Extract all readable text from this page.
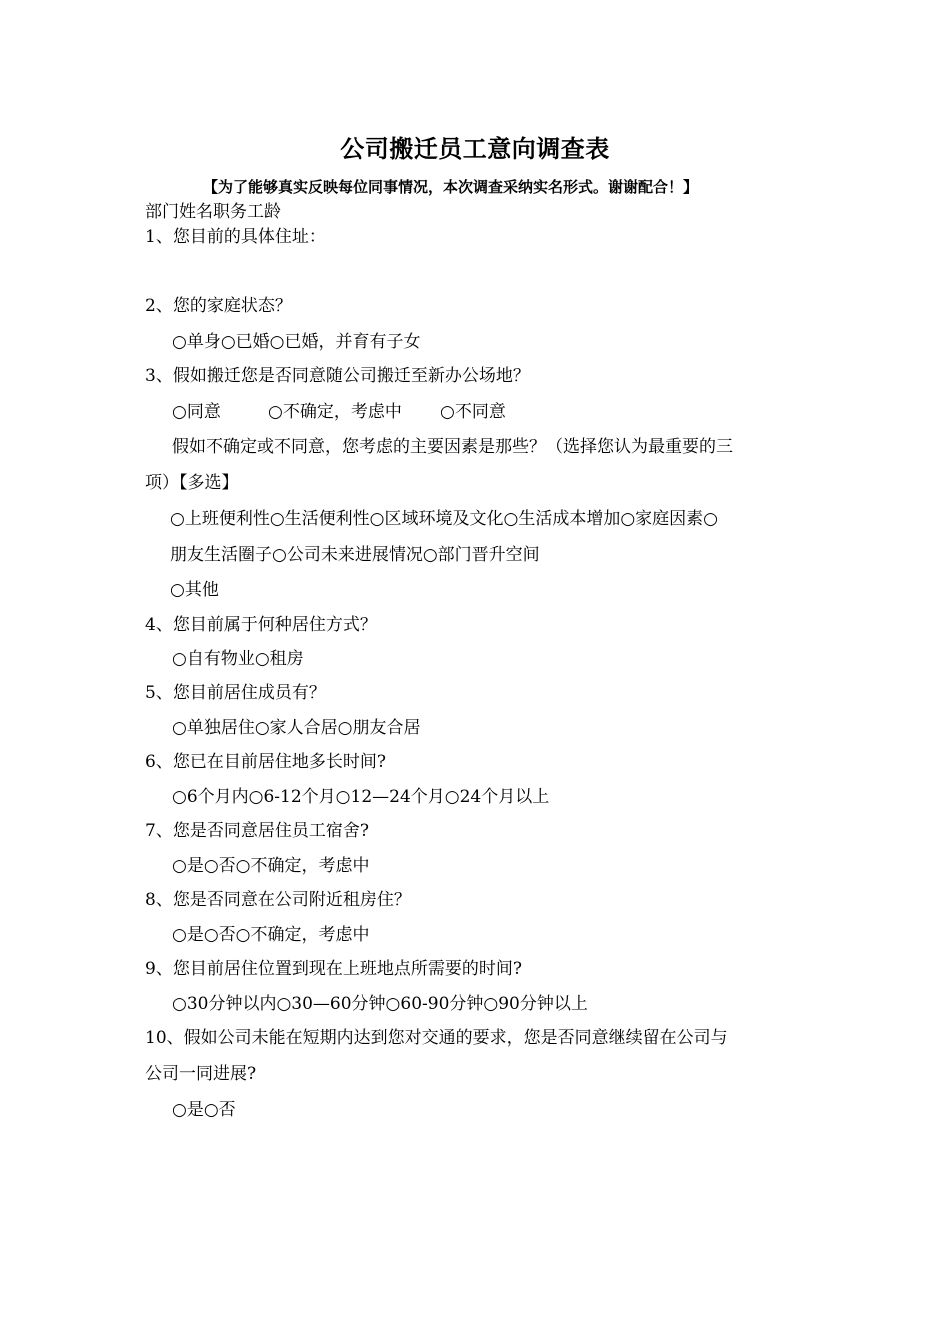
公司搬迁员工意向调查表
【为了能够真实反映每位同事情况，本次调查采纳实名形式。谢谢配合！】
部门姓名职务工龄
1、您目前的具体住址：
2、您的家庭状态？
○单身○已婚○已婚，并育有子女
3、假如搬迁您是否同意随公司搬迁至新办公场地？
○同意	○不确定，考虑中 ○不同意
假如不确定或不同意，您考虑的主要因素是那些？（选择您认为最重要的三
项）【多选】
○上班便利性○生活便利性○区域环境及文化○生活成本增加○家庭因素○
朋友生活圈子○公司未来进展情况○部门晋升空间
○其他
4、您目前属于何种居住方式？
○自有物业○租房
5、您目前居住成员有？
○单独居住○家人合居○朋友合居
6、您已在目前居住地多长时间?
○6个月内○6-12个月○12—24个月○24个月以上
7、您是否同意居住员工宿舍?
○是○否○不确定，考虑中
8、您是否同意在公司附近租房住？
○是○否○不确定，考虑中
9、您目前居住位置到现在上班地点所需要的时间?
○30分钟以内○30—60分钟○60-90分钟○90分钟以上
10、假如公司未能在短期内达到您对交通的要求，您是否同意继续留在公司与
公司一同进展?
○是○否
